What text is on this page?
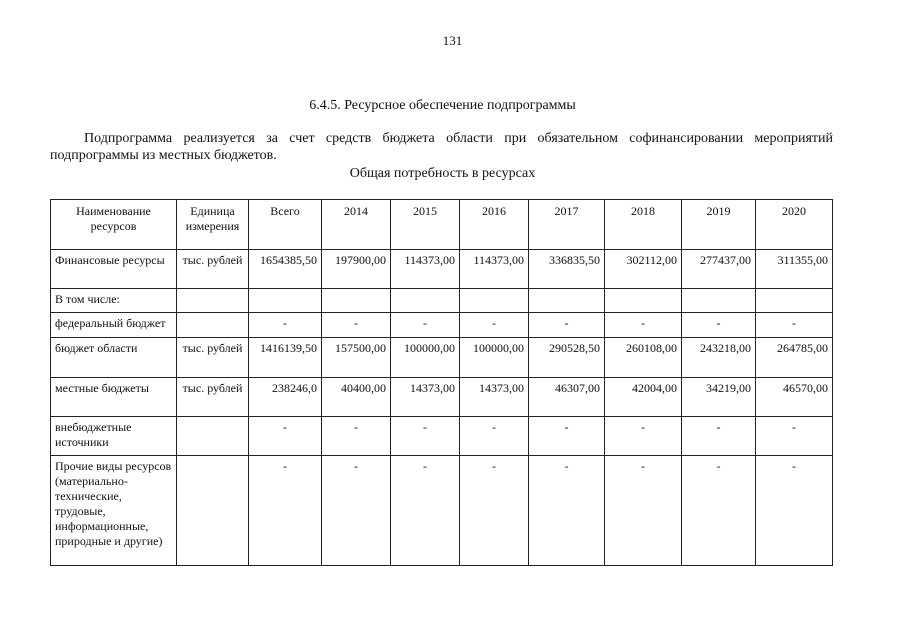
131
6.4.5. Ресурсное обеспечение подпрограммы
Подпрограмма реализуется за счет средств бюджета области при обязательном софинансировании мероприятий подпрограммы из местных бюджетов.
Общая потребность в ресурсах
Наименование ресурсов	Единица измерения	Всего	2014	2015	2016	2017	2018	2019	2020
Финансовые ресурсы	тыс. рублей	1654385,50	197900,00	114373,00	114373,00	336835,50	302112,00	277437,00	311355,00
В том числе:									
федеральный бюджет		-	-	-	-	-	-	-	-
бюджет области	тыс. рублей	1416139,50	157500,00	100000,00	100000,00	290528,50	260108,00	243218,00	264785,00
местные бюджеты	тыс. рублей	238246,0	40400,00	14373,00	14373,00	46307,00	42004,00	34219,00	46570,00
внебюджетные источники		-	-	-	-	-	-	-	-
Прочие виды ресурсов (материально-технические, трудовые, информационные, природные и другие)		-	-	-	-	-	-	-	-
